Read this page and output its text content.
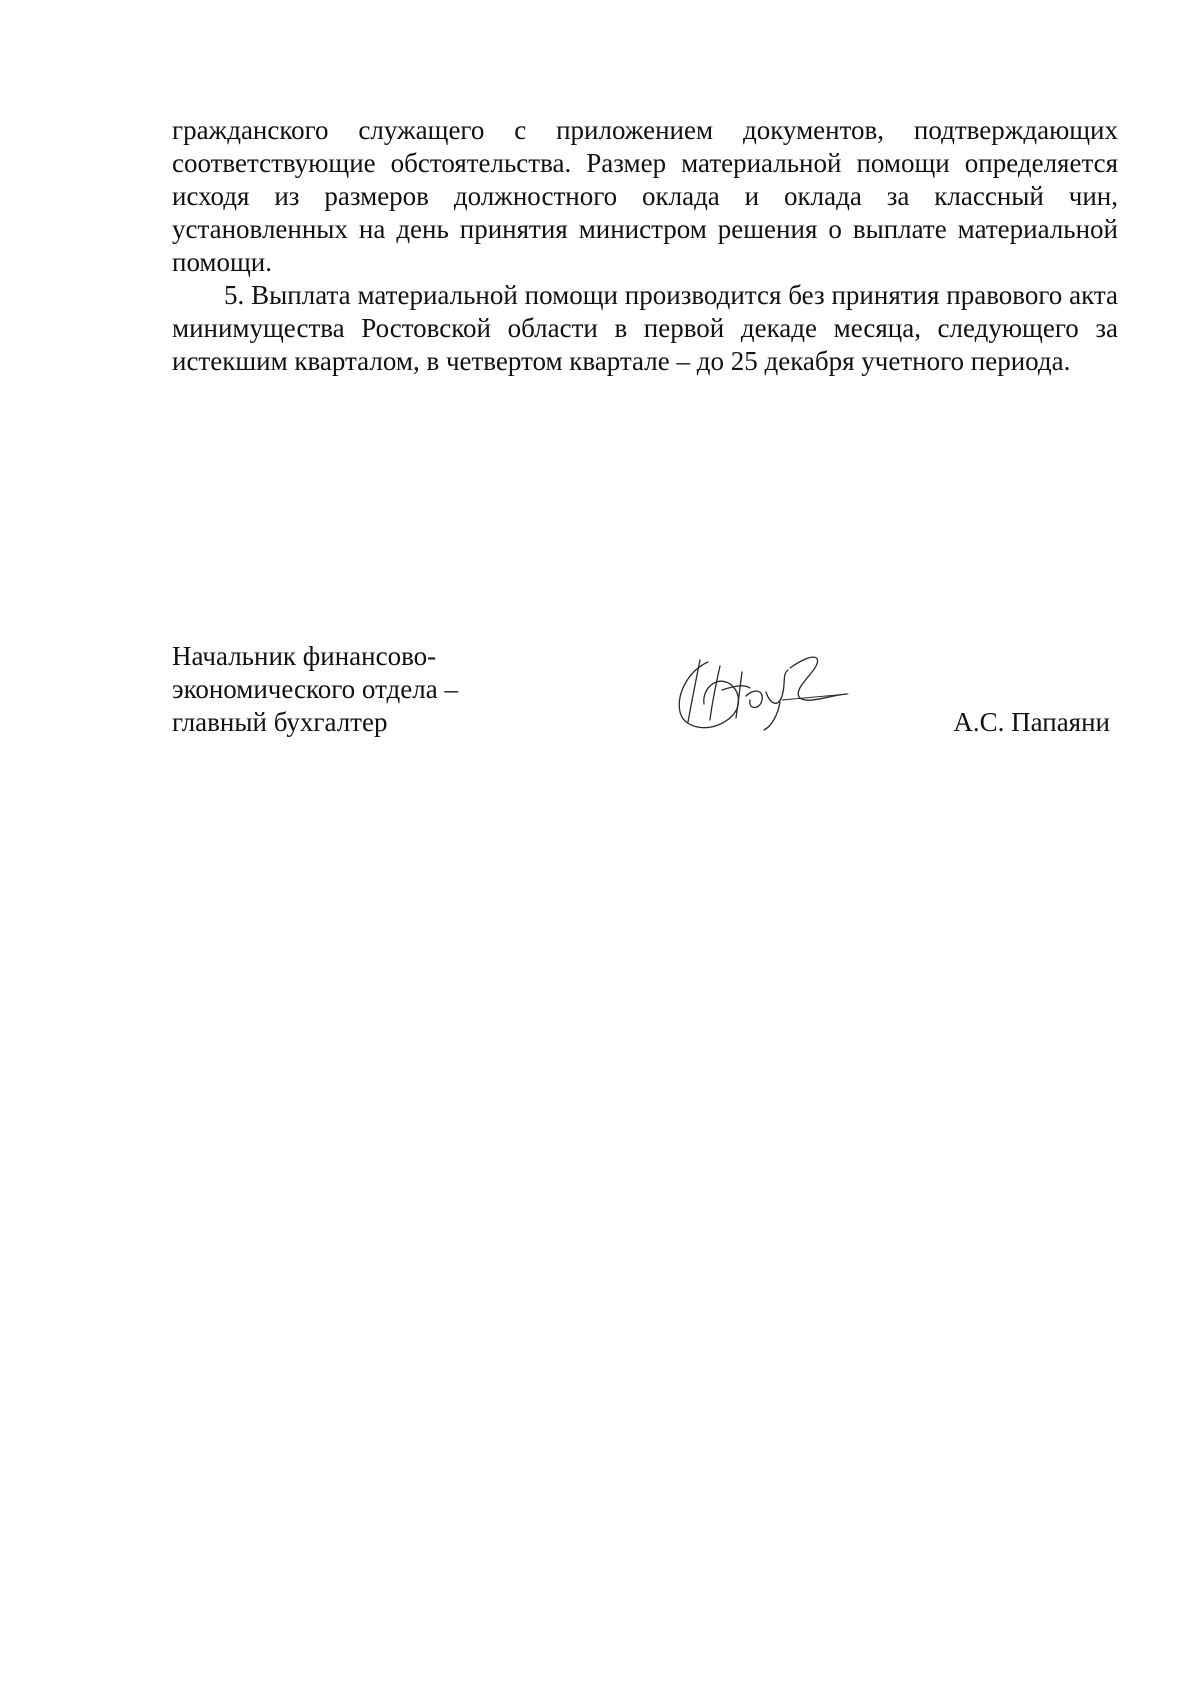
гражданского служащего с приложением документов, подтверждающих соответствующие обстоятельства. Размер материальной помощи определяется исходя из размеров должностного оклада и оклада за классный чин, установленных на день принятия министром решения о выплате материальной помощи.

5. Выплата материальной помощи производится без принятия правового акта минимущества Ростовской области в первой декаде месяца, следующего за истекшим кварталом, в четвертом квартале – до 25 декабря учетного периода.

Начальник финансово-
экономического отдела –
главный бухгалтер	А.С. Папаяни
